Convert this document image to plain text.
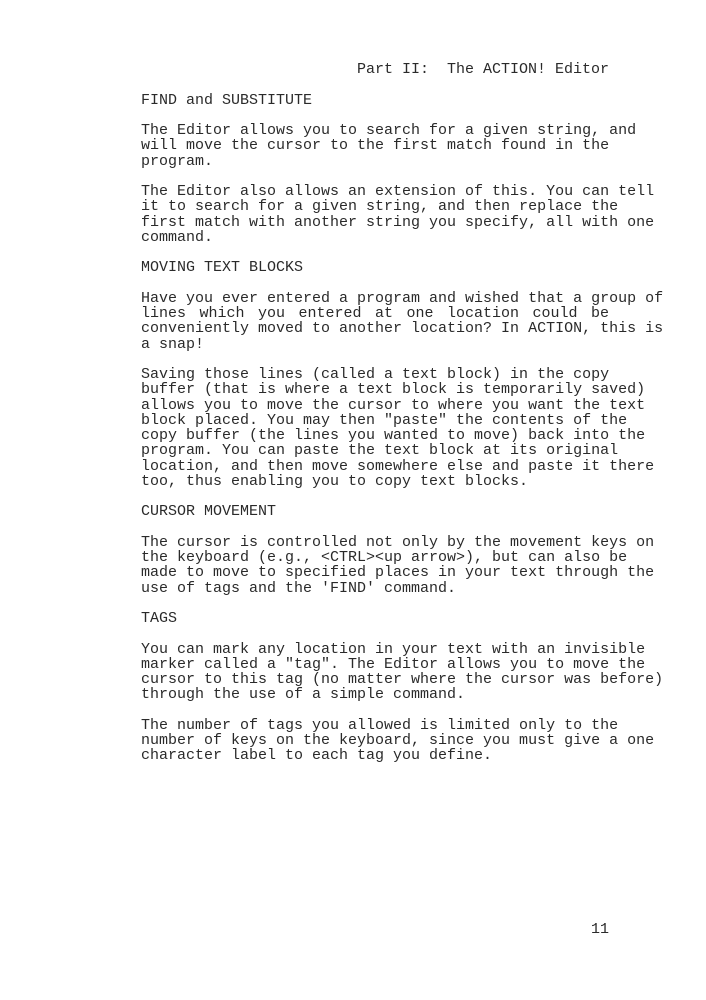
Part II:  The ACTION! Editor
FIND and SUBSTITUTE
The Editor allows you to search for a given string, and
will move the cursor to the first match found in the
program.
The Editor also allows an extension of this. You can tell
it to search for a given string, and then replace the
first match with another string you specify, all with one
command.
MOVING TEXT BLOCKS
Have you ever entered a program and wished that a group of
lines which you entered at one location could be
conveniently moved to another location? In ACTION, this is
a snap!
Saving those lines (called a text block) in the copy
buffer (that is where a text block is temporarily saved)
allows you to move the cursor to where you want the text
block placed. You may then "paste" the contents of the
copy buffer (the lines you wanted to move) back into the
program. You can paste the text block at its original
location, and then move somewhere else and paste it there
too, thus enabling you to copy text blocks.
CURSOR MOVEMENT
The cursor is controlled not only by the movement keys on
the keyboard (e.g., <CTRL><up arrow>), but can also be
made to move to specified places in your text through the
use of tags and the 'FIND' command.
TAGS
You can mark any location in your text with an invisible
marker called a "tag". The Editor allows you to move the
cursor to this tag (no matter where the cursor was before)
through the use of a simple command.
The number of tags you allowed is limited only to the
number of keys on the keyboard, since you must give a one
character label to each tag you define.
11
